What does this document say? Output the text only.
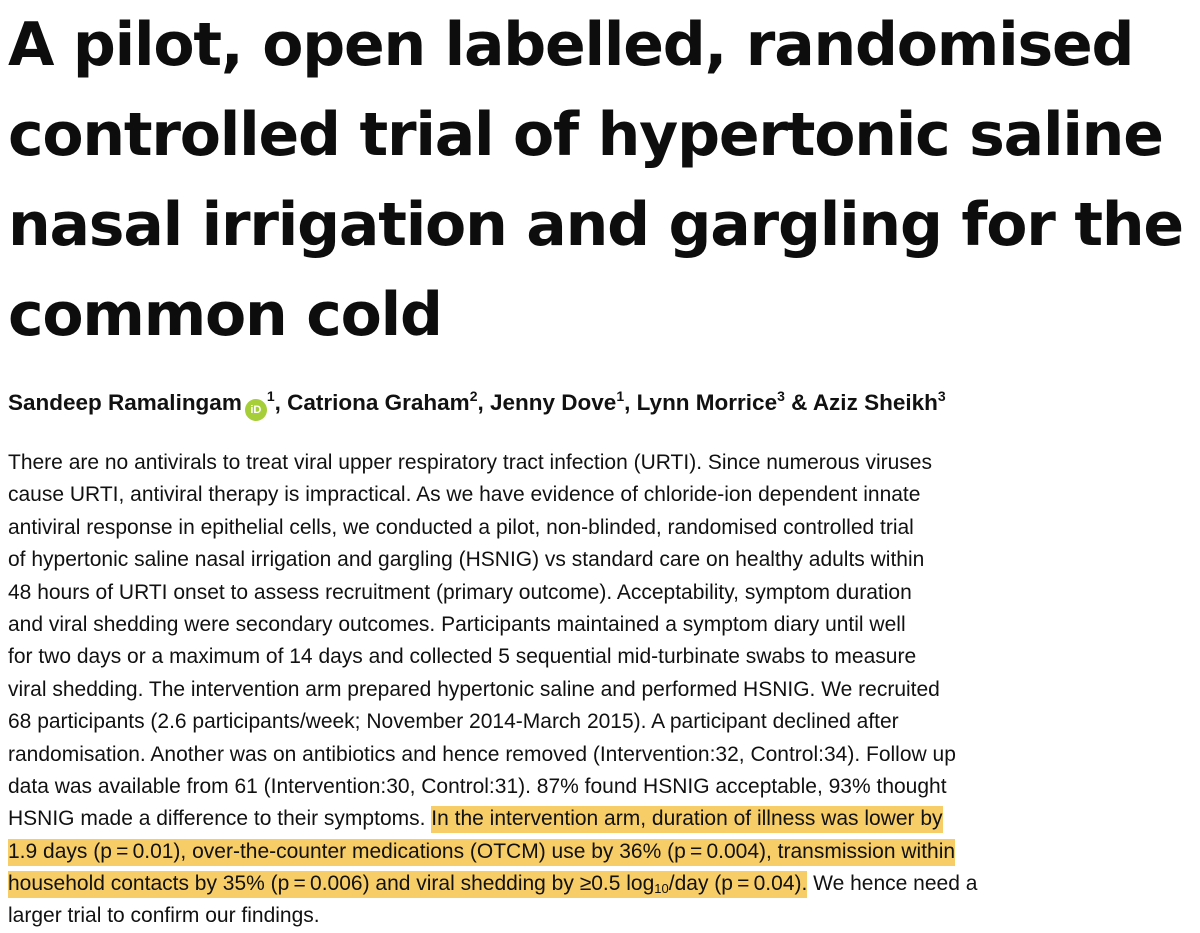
A pilot, open labelled, randomised
controlled trial of hypertonic saline
nasal irrigation and gargling for the
common cold
Sandeep Ramalingam $iD^1$, Catriona Graham$^2$, Jenny Dove$^1$, Lynn Morrice$^3$ & Aziz Sheikh$^3$
There are no antivirals to treat viral upper respiratory tract infection (URTI). Since numerous viruses
cause URTI, antiviral therapy is impractical. As we have evidence of chloride-ion dependent innate
antiviral response in epithelial cells, we conducted a pilot, non-blinded, randomised controlled trial
of hypertonic saline nasal irrigation and gargling (HSNIG) vs standard care on healthy adults within
48 hours of URTI onset to assess recruitment (primary outcome). Acceptability, symptom duration
and viral shedding were secondary outcomes. Participants maintained a symptom diary until well
for two days or a maximum of 14 days and collected 5 sequential mid-turbinate swabs to measure
viral shedding. The intervention arm prepared hypertonic saline and performed HSNIG. We recruited
68 participants (2.6 participants/week; November 2014-March 2015). A participant declined after
randomisation. Another was on antibiotics and hence removed (Intervention:32, Control:34). Follow up
data was available from 61 (Intervention:30, Control:31). 87% found HSNIG acceptable, 93% thought
HSNIG made a difference to their symptoms. In the intervention arm, duration of illness was lower by
1.9 days (p = 0.01), over-the-counter medications (OTCM) use by 36% (p = 0.004), transmission within
household contacts by 35% (p = 0.006) and viral shedding by ≥0.5 $\log_{10}$/day (p = 0.04). We hence need a
larger trial to confirm our findings.
